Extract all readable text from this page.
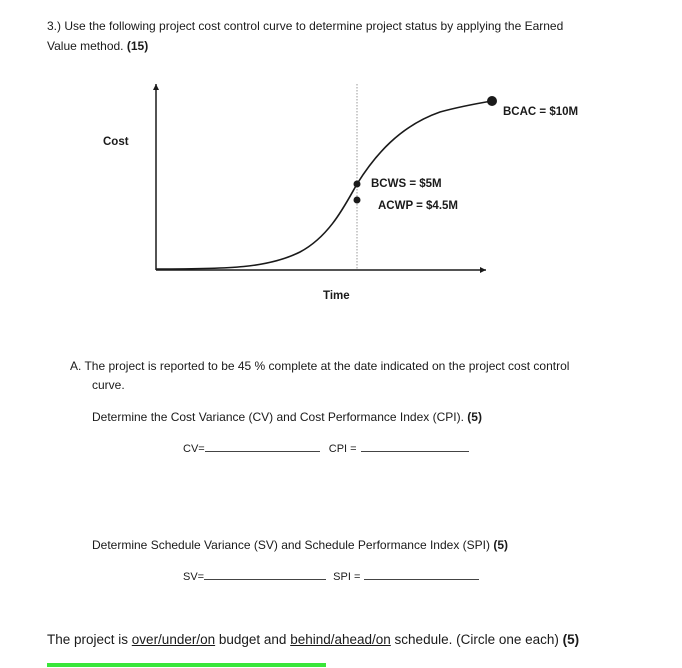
3.) Use the following project cost control curve to determine project status by applying the Earned
Value method. (15)
Cost
Time
BCAC = $10M
BCWS = $5M
ACWP = $4.5M
A. The project is reported to be 45 % complete at the date indicated on the project cost control
curve.
Determine the Cost Variance (CV) and Cost Performance Index (CPI). (5)
CV=	CPI =
Determine Schedule Variance (SV) and Schedule Performance Index (SPI) (5)
SV=	SPI =
The project is over/under/on budget and behind/ahead/on schedule. (Circle one each) (5)
